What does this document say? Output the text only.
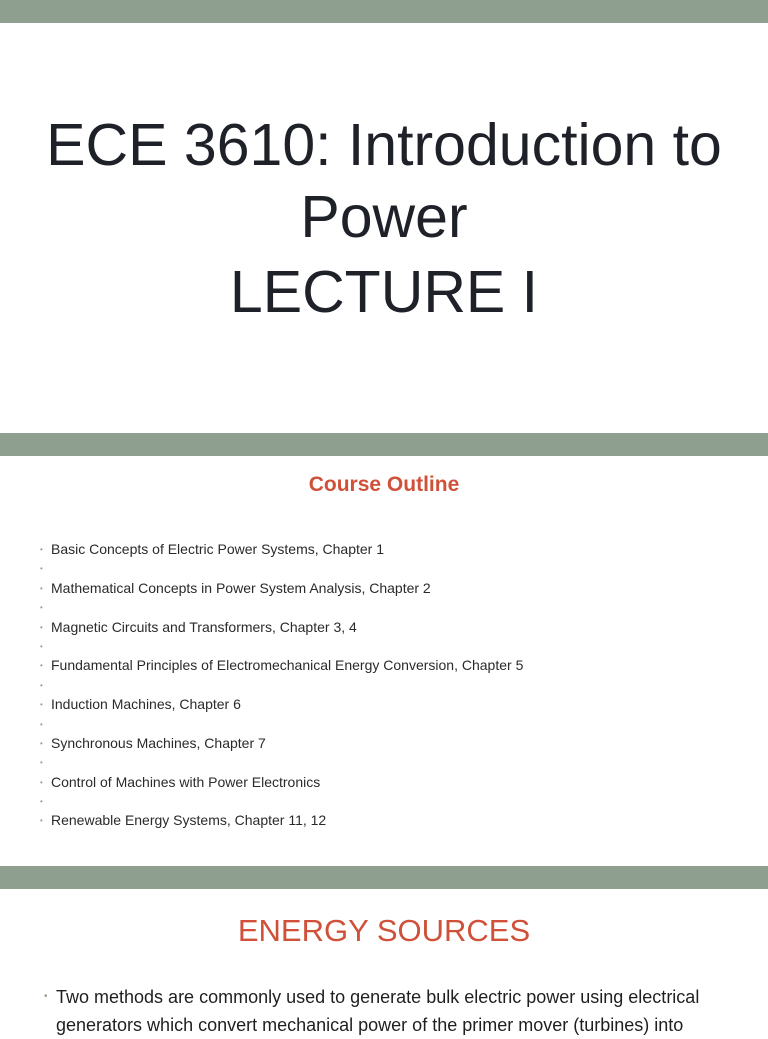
ECE 3610: Introduction to Power
LECTURE I
Course Outline
• Basic Concepts of Electric Power Systems, Chapter 1
•
• Mathematical Concepts in Power System Analysis, Chapter 2
•
• Magnetic Circuits and Transformers, Chapter 3, 4
•
• Fundamental Principles of Electromechanical Energy Conversion, Chapter 5
•
• Induction Machines, Chapter 6
•
• Synchronous Machines, Chapter 7
•
• Control of Machines with Power Electronics
•
• Renewable Energy Systems, Chapter 11, 12
ENERGY SOURCES

• Two methods are commonly used to generate bulk electric power using electrical generators which convert mechanical power of the primer mover (turbines) into
